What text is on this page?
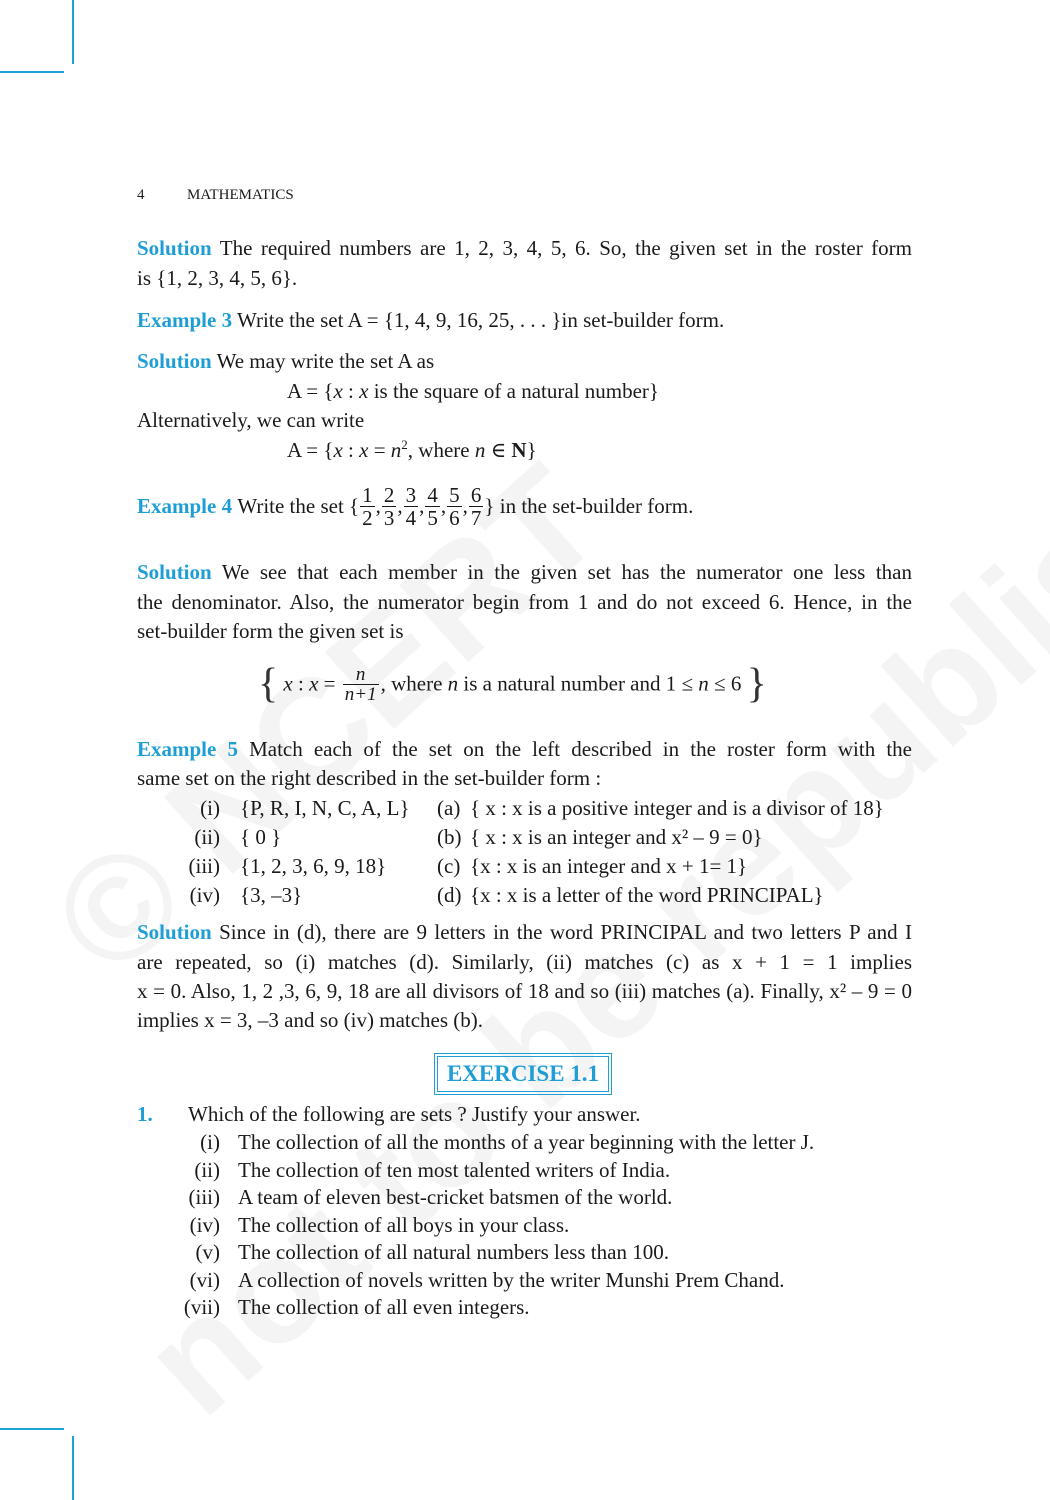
4	MATHEMATICS
Solution The required numbers are 1, 2, 3, 4, 5, 6. So, the given set in the roster form
is {1, 2, 3, 4, 5, 6}.
Example 3 Write the set A = {1, 4, 9, 16, 25, . . . }in set-builder form.
Solution We may write the set A as
A = {x : x is the square of a natural number}
Alternatively, we can write
A = {x : $x = n^2$, where n ∈ N}
Example 4 Write the set { $\frac{1}{2}$ , $\frac{2}{3}$ , $\frac{3}{4}$ , $\frac{4}{5}$ , $\frac{5}{6}$ , $\frac{6}{7}$ } in the set-builder form.
Solution We see that each member in the given set has the numerator one less than
the denominator. Also, the numerator begin from 1 and do not exceed 6. Hence, in the
set-builder form the given set is
{ x : $x = \frac{n}{n+1}$ , where n is a natural number and 1 ≤ n ≤ 6 }
Example 5 Match each of the set on the left described in the roster form with the
same set on the right described in the set-builder form :
(i) {P, R, I, N, C, A, L}
(ii) { 0 }
(iii) {1, 2, 3, 6, 9, 18}
(iv) {3, –3}
(a) { x : x is a positive integer and is a divisor of 18}
(b) { x : x is an integer and x² – 9 = 0}
(c) {x : x is an integer and x + 1= 1}
(d) {x : x is a letter of the word PRINCIPAL}
Solution Since in (d), there are 9 letters in the word PRINCIPAL and two letters P and I
are repeated, so (i) matches (d). Similarly, (ii) matches (c) as x + 1 = 1 implies
x = 0. Also, 1, 2 ,3, 6, 9, 18 are all divisors of 18 and so (iii) matches (a). Finally, x² – 9 = 0
implies x = 3, –3 and so (iv) matches (b).
EXERCISE 1.1
1. Which of the following are sets ? Justify your answer.
(i) The collection of all the months of a year beginning with the letter J.
(ii) The collection of ten most talented writers of India.
(iii) A team of eleven best-cricket batsmen of the world.
(iv) The collection of all boys in your class.
(v) The collection of all natural numbers less than 100.
(vi) A collection of novels written by the writer Munshi Prem Chand.
(vii) The collection of all even integers.
